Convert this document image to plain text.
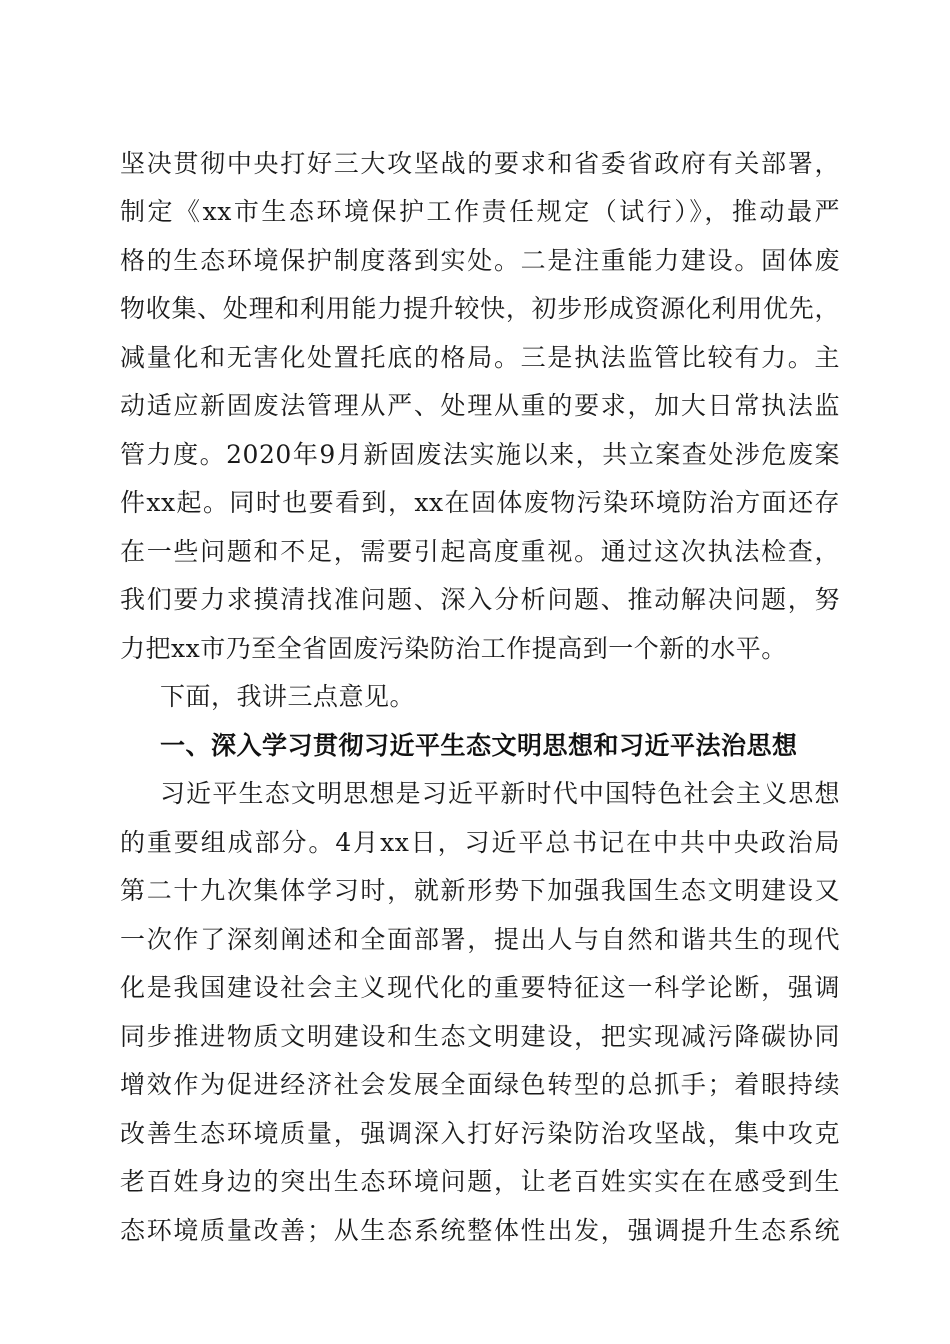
坚决贯彻中央打好三大攻坚战的要求和省委省政府有关部署，
制定《xx市生态环境保护工作责任规定（试行）》，推动最严
格的生态环境保护制度落到实处。二是注重能力建设。固体废
物收集、处理和利用能力提升较快，初步形成资源化利用优先，
减量化和无害化处置托底的格局。三是执法监管比较有力。主
动适应新固废法管理从严、处理从重的要求，加大日常执法监
管力度。2020年9月新固废法实施以来，共立案查处涉危废案
件xx起。同时也要看到，xx在固体废物污染环境防治方面还存
在一些问题和不足，需要引起高度重视。通过这次执法检查，
我们要力求摸清找准问题、深入分析问题、推动解决问题，努
力把xx市乃至全省固废污染防治工作提高到一个新的水平。
下面，我讲三点意见。
一、深入学习贯彻习近平生态文明思想和习近平法治思想
习近平生态文明思想是习近平新时代中国特色社会主义思想
的重要组成部分。4月xx日，习近平总书记在中共中央政治局
第二十九次集体学习时，就新形势下加强我国生态文明建设又
一次作了深刻阐述和全面部署，提出人与自然和谐共生的现代
化是我国建设社会主义现代化的重要特征这一科学论断，强调
同步推进物质文明建设和生态文明建设，把实现减污降碳协同
增效作为促进经济社会发展全面绿色转型的总抓手；着眼持续
改善生态环境质量，强调深入打好污染防治攻坚战，集中攻克
老百姓身边的突出生态环境问题，让老百姓实实在在感受到生
态环境质量改善；从生态系统整体性出发，强调提升生态系统
